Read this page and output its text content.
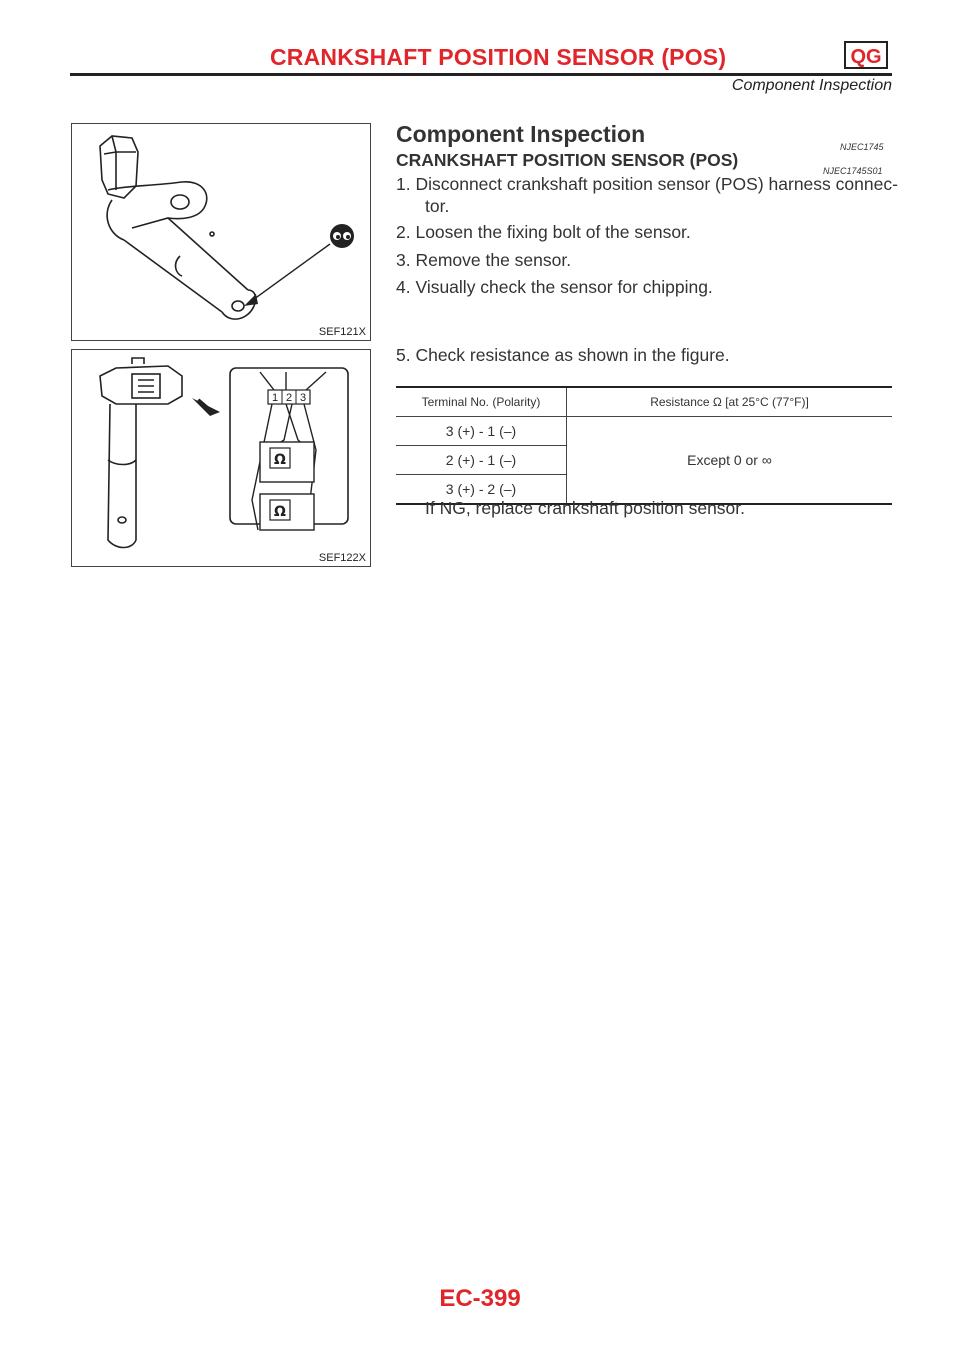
CRANKSHAFT POSITION SENSOR (POS)	QG
Component Inspection
SEF121X
1 2 3
Ω
Ω
SEF122X
Component Inspection	NJEC1745
CRANKSHAFT POSITION SENSOR (POS)
NJEC1745S01
1. Disconnect crankshaft position sensor (POS) harness connec-
tor.
2. Loosen the fixing bolt of the sensor.
3. Remove the sensor.
4. Visually check the sensor for chipping.
5. Check resistance as shown in the figure.
Terminal No. (Polarity)	Resistance Ω [at 25°C (77°F)]
3 (+) - 1 (–)	Except 0 or ∞
2 (+) - 1 (–)	
3 (+) - 2 (–)	
If NG, replace crankshaft position sensor.
EC-399
